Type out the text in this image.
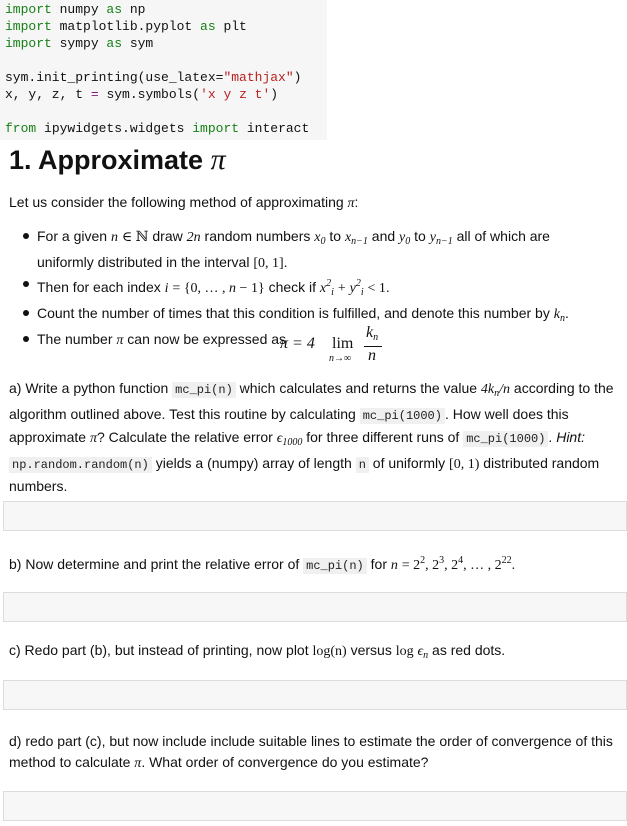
import numpy as np
import matplotlib.pyplot as plt
import sympy as sym
sym.init_printing(use_latex="mathjax")
x, y, z, t = sym.symbols('x y z t')
from ipywidgets.widgets import interact
1. Approximate π
Let us consider the following method of approximating π:
For a given n ∈ ℕ draw 2n random numbers $x_0$ to $x_{n-1}$ and $y_0$ to $y_{n-1}$ all of which are uniformly distributed in the interval [0, 1].
Then for each index i = {0, … , n − 1} check if $x^2_i + y^2_i < 1$.
Count the number of times that this condition is fulfilled, and denote this number by $k_n$.
The number π can now be expressed as
π = 4 lim
n→∞
$k_n$
n
a) Write a python function mc_pi(n) which calculates and returns the value $4k_n/n$ according to the algorithm outlined above. Test this routine by calculating mc_pi(1000) . How well does this approximate π? Calculate the relative error $\epsilon_{1000}$ for three different runs of mc_pi(1000) . Hint: np.random.random(n) yields a (numpy) array of length n of uniformly [0, 1) distributed random numbers.
b) Now determine and print the relative error of mc_pi(n) for $n = 2^2$, $2^3$, $2^4$, … , $2^{22}$.
c) Redo part (b), but instead of printing, now plot log(n) versus $\log \epsilon_n$ as red dots.
d) redo part (c), but now include include suitable lines to estimate the order of convergence of this method to calculate π. What order of convergence do you estimate?
